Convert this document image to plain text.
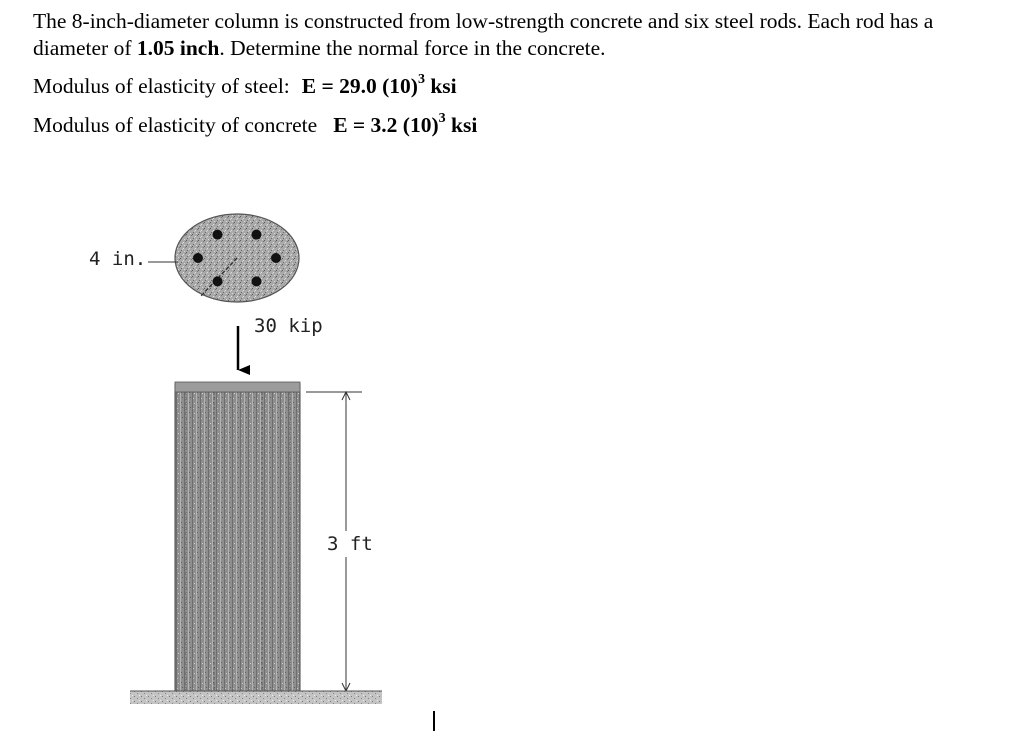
The 8-inch-diameter column is constructed from low-strength concrete and six steel rods. Each rod has a diameter of 1.05 inch. Determine the normal force in the concrete.
Modulus of elasticity of steel: E = 29.0 $(10)^3$ ksi
Modulus of elasticity of concrete E = 3.2 $(10)^3$ ksi
4 in.
30 kip
3 ft
